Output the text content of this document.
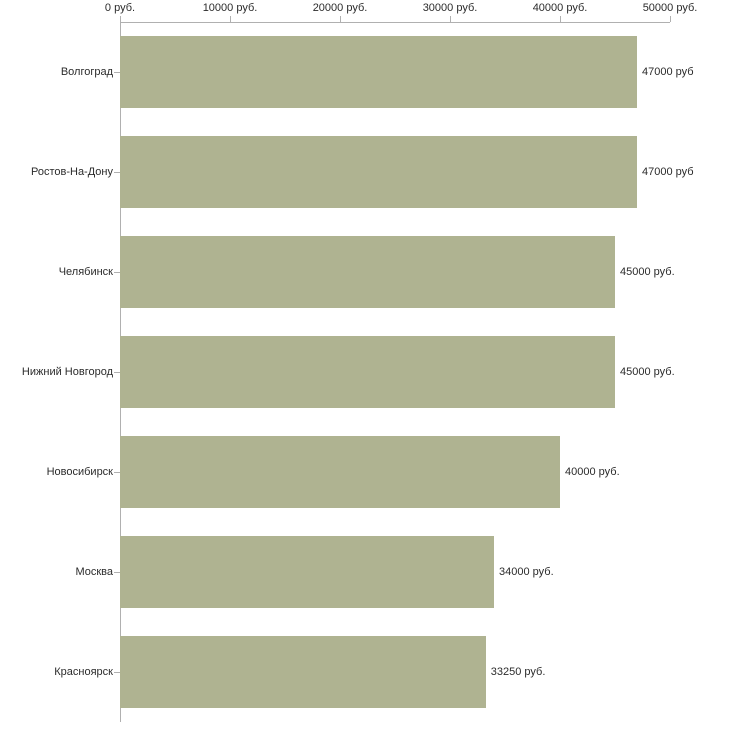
0 руб.	10000 руб.	20000 руб.	30000 руб.	40000 руб.	50000 руб.
Волгоград
Ростов-На-Дону
Челябинск
Нижний Новгород
Новосибирск
Москва
Красноярск
47000 руб
47000 руб
45000 руб.
45000 руб.
40000 руб.
34000 руб.
33250 руб.
